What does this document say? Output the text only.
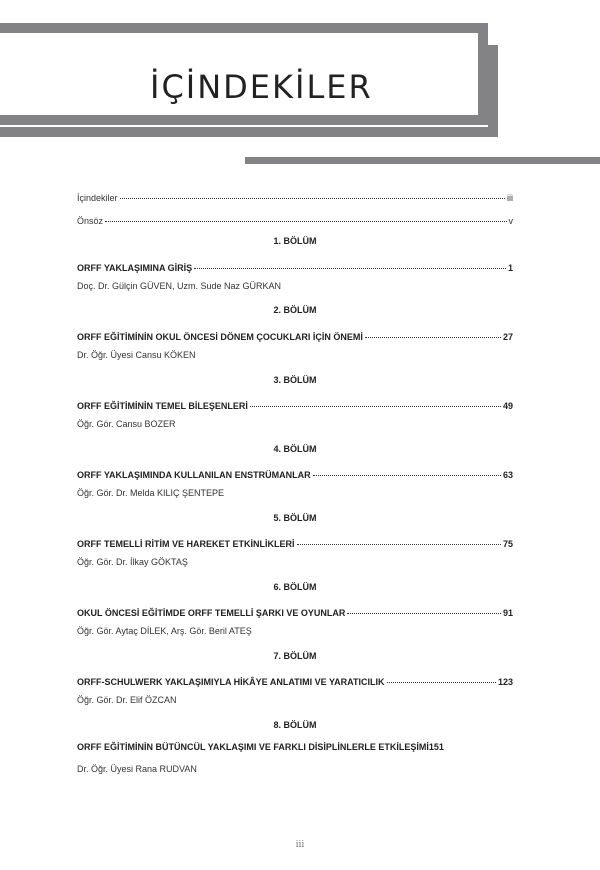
İÇİNDEKİLER
İçindekiler	iii
Önsöz	v
1. BÖLÜM
ORFF YAKLAŞIMINA GİRİŞ	1
Doç. Dr. Gülçin GÜVEN, Uzm. Sude Naz GÜRKAN
2. BÖLÜM
ORFF EĞİTİMİNİN OKUL ÖNCESİ DÖNEM ÇOCUKLARI İÇİN ÖNEMİ	27
Dr. Öğr. Üyesi Cansu KÖKEN
3. BÖLÜM
ORFF EĞİTİMİNİN TEMEL BİLEŞENLERİ	49
Öğr. Gör. Cansu BOZER
4. BÖLÜM
ORFF YAKLAŞIMINDA KULLANILAN ENSTRÜMANLAR	63
Öğr. Gör. Dr. Melda KILIÇ ŞENTEPE
5. BÖLÜM
ORFF TEMELLİ RİTİM VE HAREKET ETKİNLİKLERİ	75
Öğr. Gör. Dr. İlkay GÖKTAŞ
6. BÖLÜM
OKUL ÖNCESİ EĞİTİMDE ORFF TEMELLİ ŞARKI VE OYUNLAR	91
Öğr. Gör. Aytaç DİLEK, Arş. Gör. Beril ATEŞ
7. BÖLÜM
ORFF-SCHULWERK YAKLAŞIMIYLA HİKÂYE ANLATIMI VE YARATICILIK	123
Öğr. Gör. Dr. Elif ÖZCAN
8. BÖLÜM
ORFF EĞİTİMİNİN BÜTÜNCÜL YAKLAŞIMI VE FARKLI DİSİPLİNLERLE ETKİLEŞİMİ 151
Dr. Öğr. Üyesi Rana RUDVAN
iii
